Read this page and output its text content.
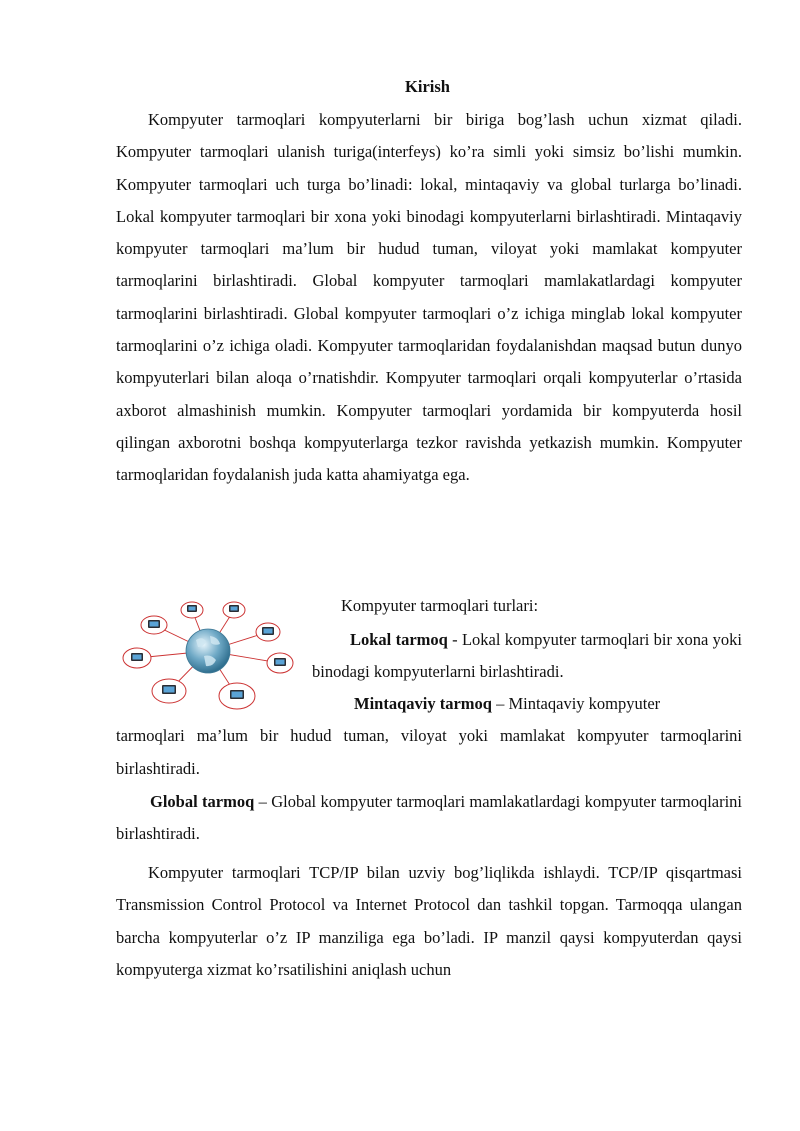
Kirish

Kompyuter tarmoqlari kompyuterlarni bir biriga bog’lash uchun xizmat qiladi. Kompyuter tarmoqlari ulanish turiga(interfeys) ko’ra simli yoki simsiz bo’lishi mumkin. Kompyuter tarmoqlari uch turga bo’linadi: lokal, mintaqaviy va global turlarga bo’linadi. Lokal kompyuter tarmoqlari bir xona yoki binodagi kompyuterlarni birlashtiradi. Mintaqaviy kompyuter tarmoqlari ma’lum bir hudud tuman, viloyat yoki mamlakat kompyuter tarmoqlarini birlashtiradi. Global kompyuter tarmoqlari mamlakatlardagi kompyuter tarmoqlarini birlashtiradi. Global kompyuter tarmoqlari o’z ichiga minglab lokal kompyuter tarmoqlarini o’z ichiga oladi. Kompyuter tarmoqlaridan foydalanishdan maqsad butun dunyo kompyuterlari bilan aloqa o’rnatishdir. Kompyuter tarmoqlari orqali kompyuterlar o’rtasida axborot almashinish mumkin. Kompyuter tarmoqlari yordamida bir kompyuterda hosil qilingan axborotni boshqa kompyuterlarga tezkor ravishda yetkazish mumkin. Kompyuter tarmoqlaridan foydalanish juda katta ahamiyatga ega.

Kompyuter tarmoqlari turlari:

Lokal tarmoq - Lokal kompyuter tarmoqlari bir xona yoki binodagi kompyuterlarni birlashtiradi.

Mintaqaviy tarmoq – Mintaqaviy kompyuter
tarmoqlari ma’lum bir hudud tuman, viloyat yoki mamlakat kompyuter tarmoqlarini birlashtiradi.

Global tarmoq – Global kompyuter tarmoqlari mamlakatlardagi kompyuter tarmoqlarini birlashtiradi.

Kompyuter tarmoqlari TCP/IP bilan uzviy bog’liqlikda ishlaydi. TCP/IP qisqartmasi Transmission Control Protocol va Internet Protocol dan tashkil topgan. Tarmoqqa ulangan barcha kompyuterlar o’z IP manziliga ega bo’ladi. IP manzil qaysi kompyuterdan qaysi kompyuterga xizmat ko’rsatilishini aniqlash uchun
